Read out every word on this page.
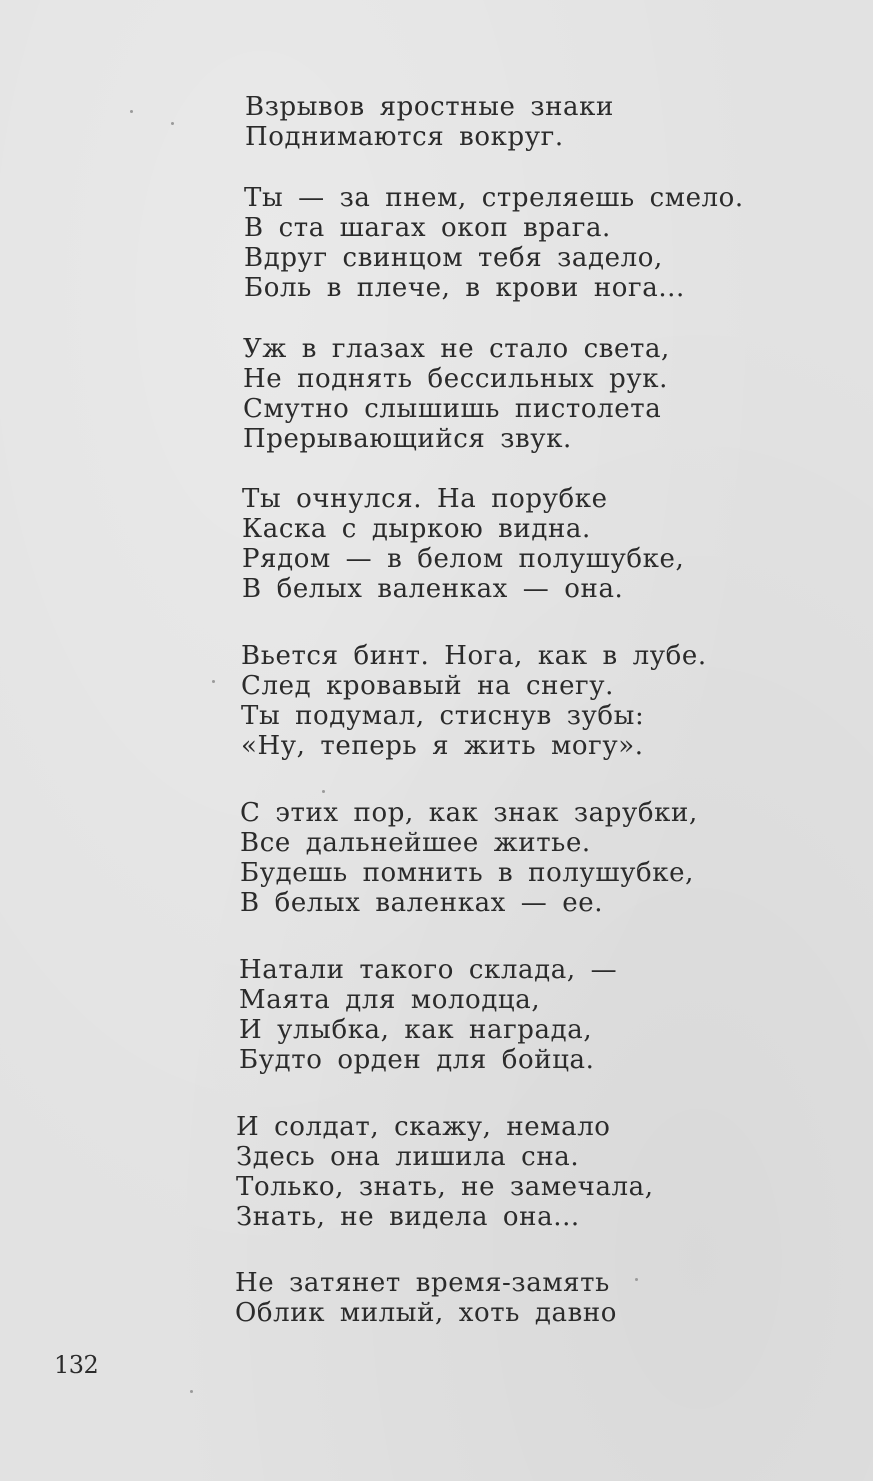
Взрывов яростные знаки
Поднимаются вокруг.
Ты — за пнем, стреляешь смело.
В ста шагах окоп врага.
Вдруг свинцом тебя задело,
Боль в плече, в крови нога...
Уж в глазах не стало света,
Не поднять бессильных рук.
Смутно слышишь пистолета
Прерывающийся звук.
Ты очнулся. На порубке
Каска с дыркою видна.
Рядом — в белом полушубке,
В белых валенках — она.
Вьется бинт. Нога, как в лубе.
След кровавый на снегу.
Ты подумал, стиснув зубы:
«Ну, теперь я жить могу».
С этих пор, как знак зарубки,
Все дальнейшее житье.
Будешь помнить в полушубке,
В белых валенках — ее.
Натали такого склада, —
Маята для молодца,
И улыбка, как награда,
Будто орден для бойца.
И солдат, скажу, немало
Здесь она лишила сна.
Только, знать, не замечала,
Знать, не видела она...
Не затянет время-замять
Облик милый, хоть давно
132
